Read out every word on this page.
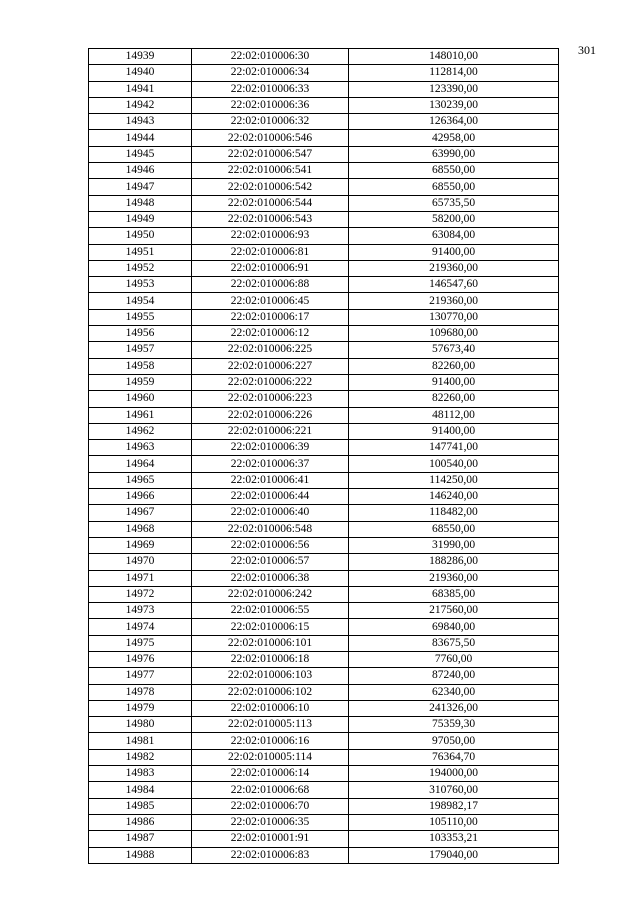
301
14939	22:02:010006:30	148010,00
14940	22:02:010006:34	112814,00
14941	22:02:010006:33	123390,00
14942	22:02:010006:36	130239,00
14943	22:02:010006:32	126364,00
14944	22:02:010006:546	42958,00
14945	22:02:010006:547	63990,00
14946	22:02:010006:541	68550,00
14947	22:02:010006:542	68550,00
14948	22:02:010006:544	65735,50
14949	22:02:010006:543	58200,00
14950	22:02:010006:93	63084,00
14951	22:02:010006:81	91400,00
14952	22:02:010006:91	219360,00
14953	22:02:010006:88	146547,60
14954	22:02:010006:45	219360,00
14955	22:02:010006:17	130770,00
14956	22:02:010006:12	109680,00
14957	22:02:010006:225	57673,40
14958	22:02:010006:227	82260,00
14959	22:02:010006:222	91400,00
14960	22:02:010006:223	82260,00
14961	22:02:010006:226	48112,00
14962	22:02:010006:221	91400,00
14963	22:02:010006:39	147741,00
14964	22:02:010006:37	100540,00
14965	22:02:010006:41	114250,00
14966	22:02:010006:44	146240,00
14967	22:02:010006:40	118482,00
14968	22:02:010006:548	68550,00
14969	22:02:010006:56	31990,00
14970	22:02:010006:57	188286,00
14971	22:02:010006:38	219360,00
14972	22:02:010006:242	68385,00
14973	22:02:010006:55	217560,00
14974	22:02:010006:15	69840,00
14975	22:02:010006:101	83675,50
14976	22:02:010006:18	7760,00
14977	22:02:010006:103	87240,00
14978	22:02:010006:102	62340,00
14979	22:02:010006:10	241326,00
14980	22:02:010005:113	75359,30
14981	22:02:010006:16	97050,00
14982	22:02:010005:114	76364,70
14983	22:02:010006:14	194000,00
14984	22:02:010006:68	310760,00
14985	22:02:010006:70	198982,17
14986	22:02:010006:35	105110,00
14987	22:02:010001:91	103353,21
14988	22:02:010006:83	179040,00
